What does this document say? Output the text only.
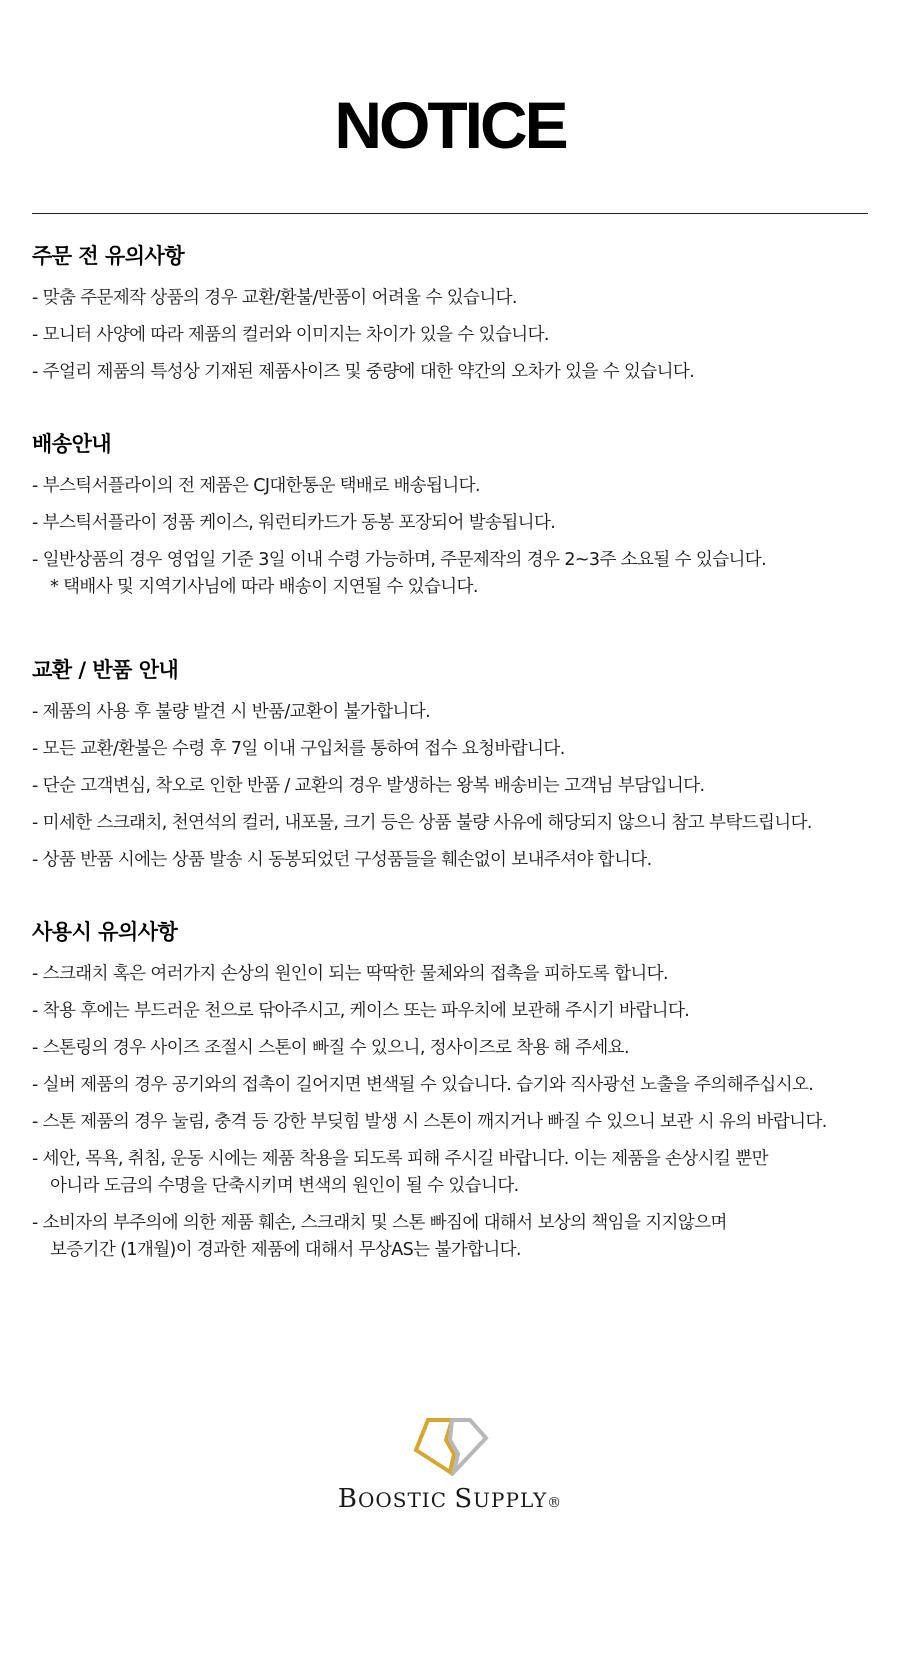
NOTICE
주문 전 유의사항
- 맞춤 주문제작 상품의 경우 교환/환불/반품이 어려울 수 있습니다.
- 모니터 사양에 따라 제품의 컬러와 이미지는 차이가 있을 수 있습니다.
- 주얼리 제품의 특성상 기재된 제품사이즈 및 중량에 대한 약간의 오차가 있을 수 있습니다.
배송안내
- 부스틱서플라이의 전 제품은 CJ대한통운 택배로 배송됩니다.
- 부스틱서플라이 정품 케이스, 워런티카드가 동봉 포장되어 발송됩니다.
- 일반상품의 경우 영업일 기준 3일 이내 수령 가능하며, 주문제작의 경우 2~3주 소요될 수 있습니다.
* 택배사 및 지역기사님에 따라 배송이 지연될 수 있습니다.
교환 / 반품 안내
- 제품의 사용 후 불량 발견 시 반품/교환이 불가합니다.
- 모든 교환/환불은 수령 후 7일 이내 구입처를 통하여 접수 요청바랍니다.
- 단순 고객변심, 착오로 인한 반품 / 교환의 경우 발생하는 왕복 배송비는 고객님 부담입니다.
- 미세한 스크래치, 천연석의 컬러, 내포물, 크기 등은 상품 불량 사유에 해당되지 않으니 참고 부탁드립니다.
- 상품 반품 시에는 상품 발송 시 동봉되었던 구성품들을 훼손없이 보내주셔야 합니다.
사용시 유의사항
- 스크래치 혹은 여러가지 손상의 원인이 되는 딱딱한 물체와의 접촉을 피하도록 합니다.
- 착용 후에는 부드러운 천으로 닦아주시고, 케이스 또는 파우치에 보관해 주시기 바랍니다.
- 스톤링의 경우 사이즈 조절시 스톤이 빠질 수 있으니, 정사이즈로 착용 해 주세요.
- 실버 제품의 경우 공기와의 접촉이 길어지면 변색될 수 있습니다. 습기와 직사광선 노출을 주의해주십시오.
- 스톤 제품의 경우 눌림, 충격 등 강한 부딪힘 발생 시 스톤이 깨지거나 빠질 수 있으니 보관 시 유의 바랍니다.
- 세안, 목욕, 취침, 운동 시에는 제품 착용을 되도록 피해 주시길 바랍니다. 이는 제품을 손상시킬 뿐만
아니라 도금의 수명을 단축시키며 변색의 원인이 될 수 있습니다.
- 소비자의 부주의에 의한 제품 훼손, 스크래치 및 스톤 빠짐에 대해서 보상의 책임을 지지않으며
보증기간 (1개월)이 경과한 제품에 대해서 무상AS는 불가합니다.
BOOSTIC SUPPLY®
